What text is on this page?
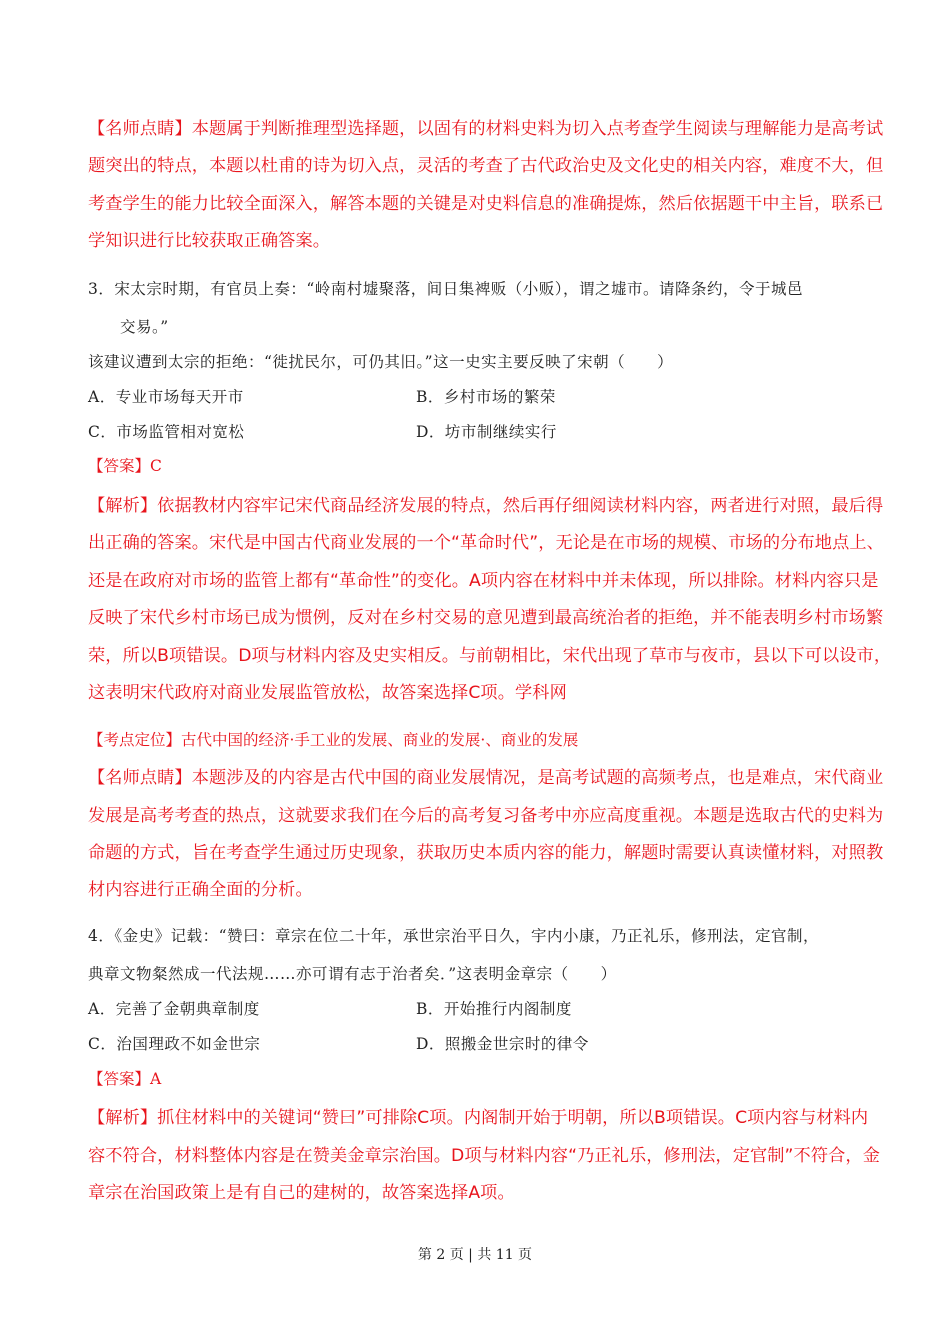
第 2 页 | 共 11 页
【名师点睛】本题属于判断推理型选择题，以固有的材料史料为切入点考查学生阅读与理解能力是高考试
题突出的特点，本题以杜甫的诗为切入点，灵活的考查了古代政治史及文化史的相关内容，难度不大，但
考查学生的能力比较全面深入，解答本题的关键是对史料信息的准确提炼，然后依据题干中主旨，联系已
学知识进行比较获取正确答案。
3．宋太宗时期，有官员上奏：“岭南村墟聚落，间日集裨贩（小贩），谓之墟市。请降条约，令于城邑
　　交易。”
该建议遭到太宗的拒绝：“徙扰民尔，可仍其旧。”这一史实主要反映了宋朝（　　）
A．专业市场每天开市	B．乡村市场的繁荣
C．市场监管相对宽松	D．坊市制继续实行
【答案】C
【解析】依据教材内容牢记宋代商品经济发展的特点，然后再仔细阅读材料内容，两者进行对照，最后得
出正确的答案。宋代是中国古代商业发展的一个“革命时代”，无论是在市场的规模、市场的分布地点上、
还是在政府对市场的监管上都有“革命性”的变化。A项内容在材料中并未体现，所以排除。材料内容只是
反映了宋代乡村市场已成为惯例，反对在乡村交易的意见遭到最高统治者的拒绝，并不能表明乡村市场繁
荣，所以B项错误。D项与材料内容及史实相反。与前朝相比，宋代出现了草市与夜市，县以下可以设市，
这表明宋代政府对商业发展监管放松，故答案选择C项。学科网
【考点定位】古代中国的经济·手工业的发展、商业的发展·、商业的发展
【名师点睛】本题涉及的内容是古代中国的商业发展情况，是高考试题的高频考点，也是难点，宋代商业
发展是高考考查的热点，这就要求我们在今后的高考复习备考中亦应高度重视。本题是选取古代的史料为
命题的方式，旨在考查学生通过历史现象，获取历史本质内容的能力，解题时需要认真读懂材料，对照教
材内容进行正确全面的分析。
4．《金史》记载：“赞曰：章宗在位二十年，承世宗治平日久，宇内小康，乃正礼乐，修刑法，定官制，
典章文物粲然成一代法规……亦可谓有志于治者矣．”这表明金章宗（　　）
A．完善了金朝典章制度	B．开始推行内阁制度
C．治国理政不如金世宗	D．照搬金世宗时的律令
【答案】A
【解析】抓住材料中的关键词“赞曰”可排除C项。内阁制开始于明朝，所以B项错误。C项内容与材料内
容不符合，材料整体内容是在赞美金章宗治国。D项与材料内容“乃正礼乐，修刑法，定官制”不符合，金
章宗在治国政策上是有自己的建树的，故答案选择A项。
